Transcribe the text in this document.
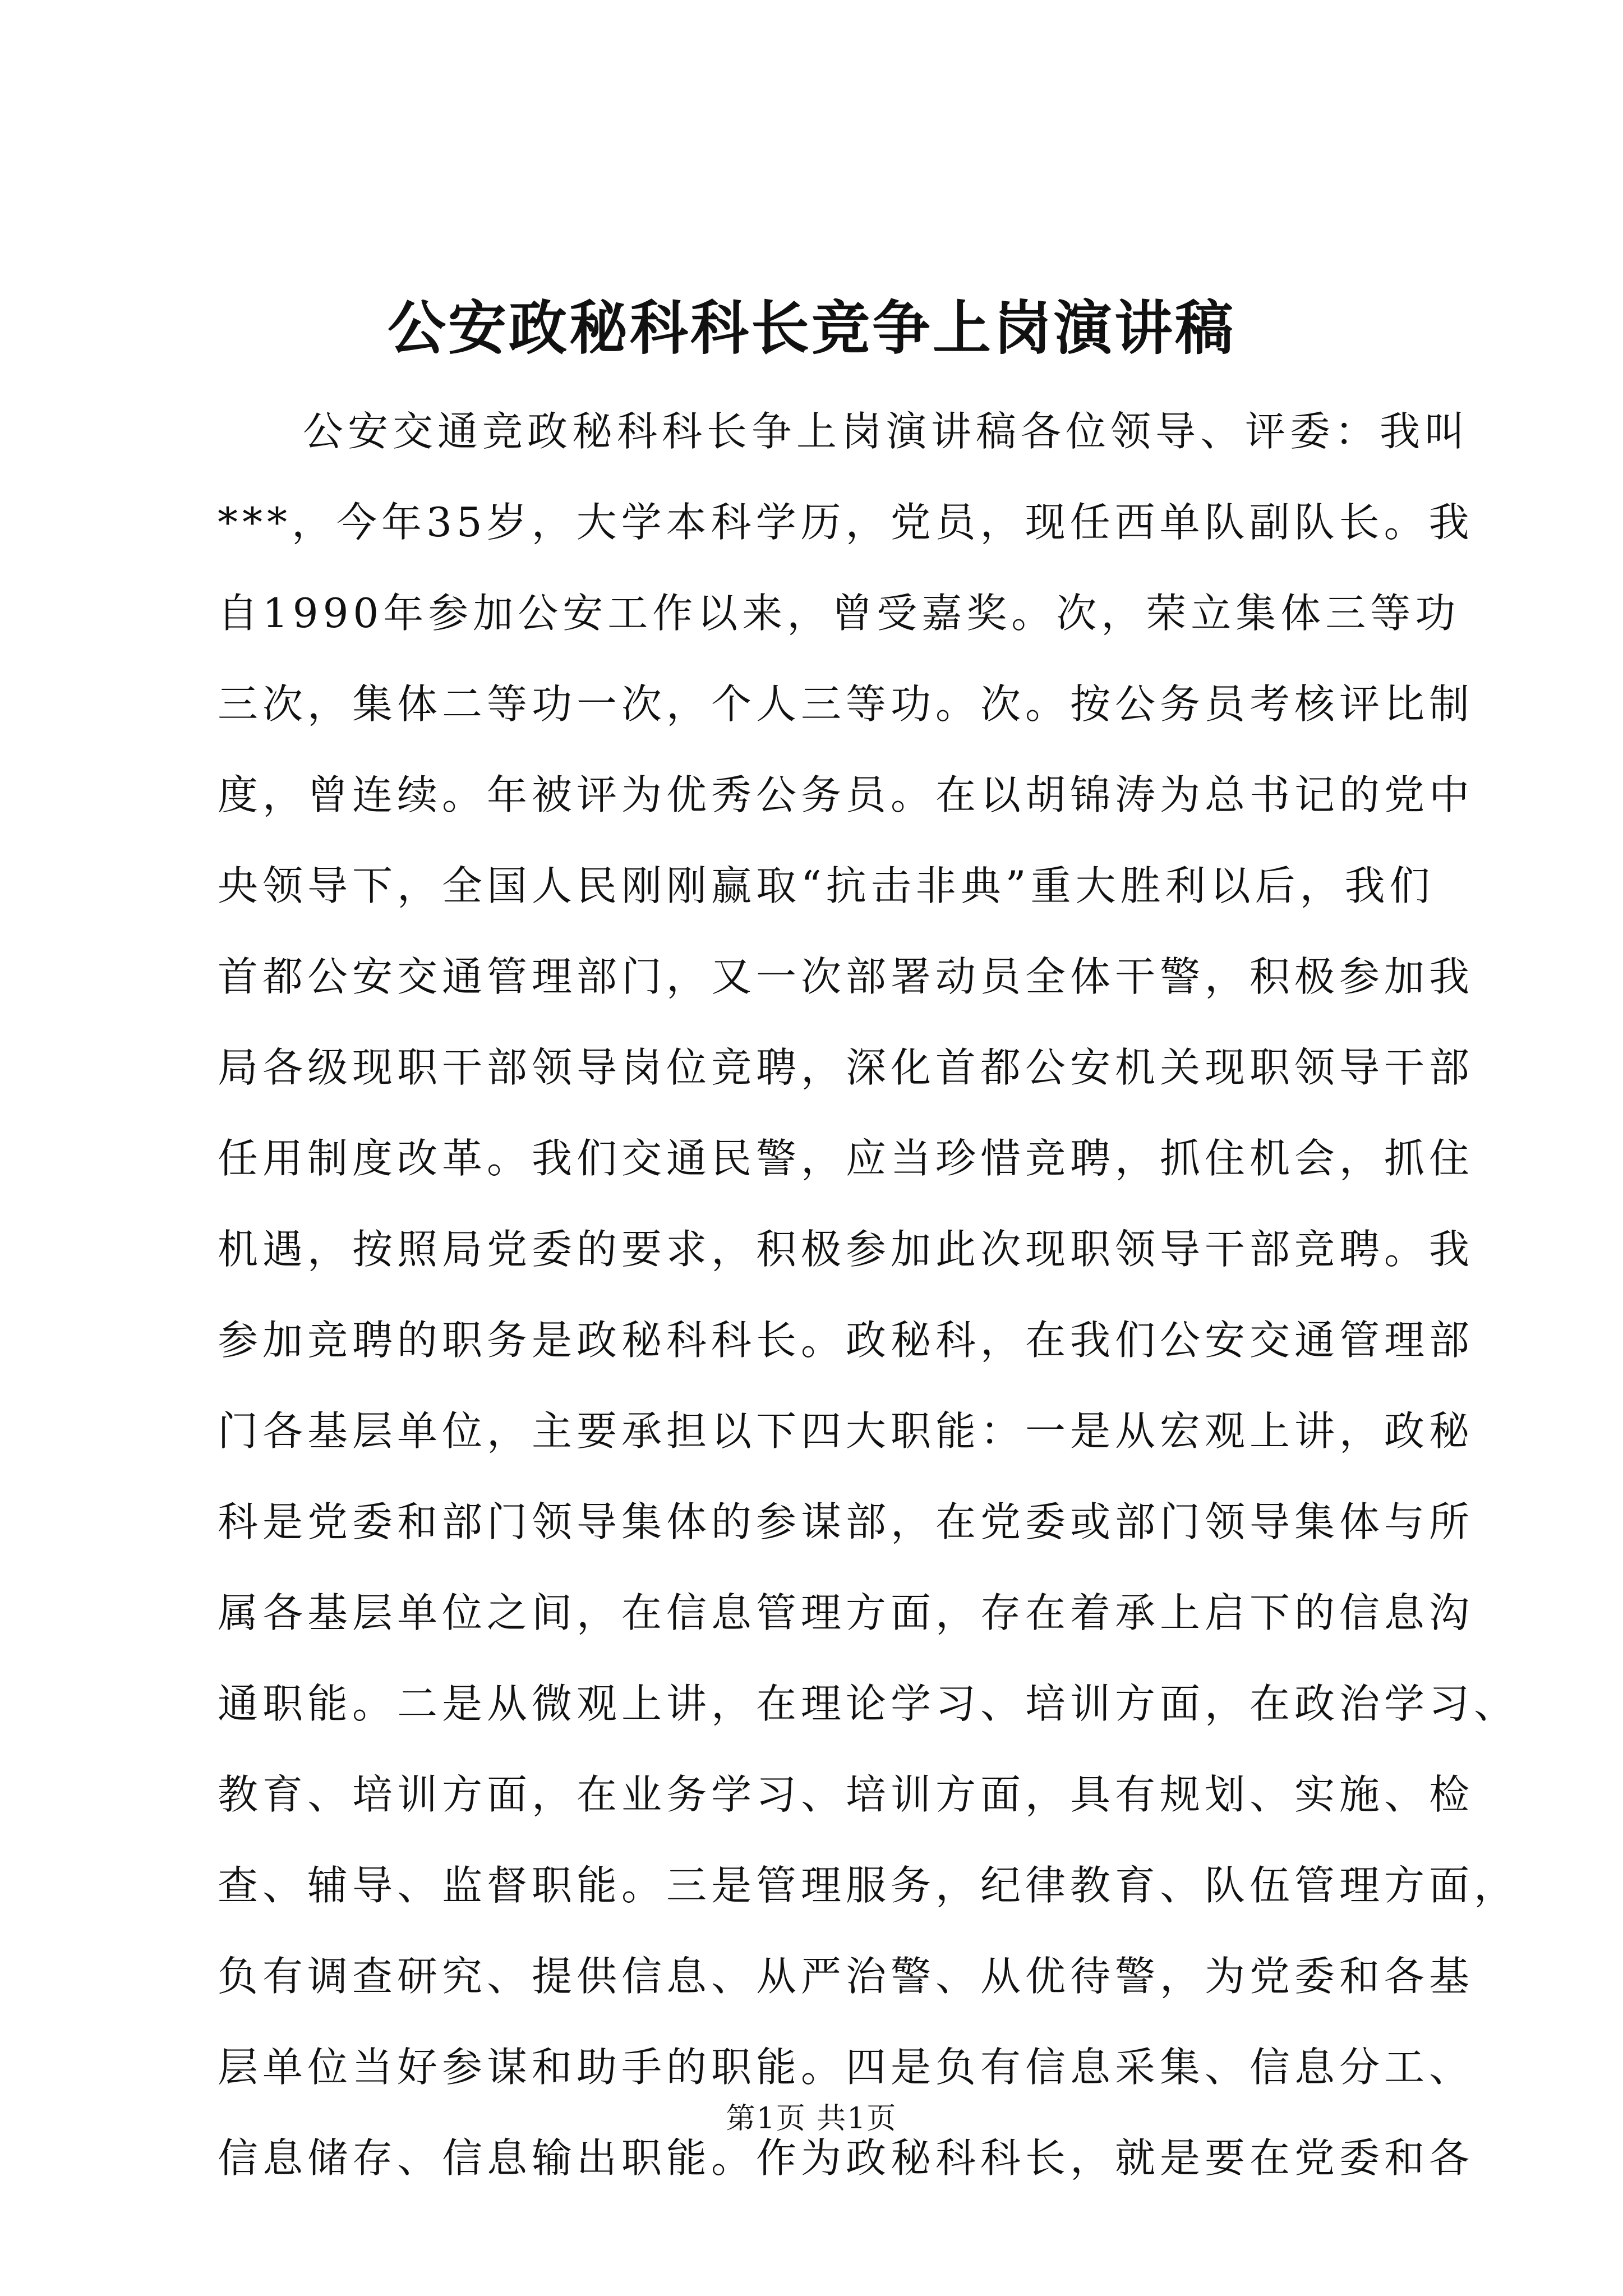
公安政秘科科长竞争上岗演讲稿
公安交通竞政秘科科长争上岗演讲稿各位领导、评委：我叫
***，今年35岁，大学本科学历，党员，现任西单队副队长。我
自1990年参加公安工作以来，曾受嘉奖。次，荣立集体三等功
三次，集体二等功一次，个人三等功。次。按公务员考核评比制
度，曾连续。年被评为优秀公务员。在以胡锦涛为总书记的党中
央领导下，全国人民刚刚赢取“抗击非典”重大胜利以后，我们
首都公安交通管理部门，又一次部署动员全体干警，积极参加我
局各级现职干部领导岗位竞聘，深化首都公安机关现职领导干部
任用制度改革。我们交通民警，应当珍惜竞聘，抓住机会，抓住
机遇，按照局党委的要求，积极参加此次现职领导干部竞聘。我
参加竞聘的职务是政秘科科长。政秘科，在我们公安交通管理部
门各基层单位，主要承担以下四大职能：一是从宏观上讲，政秘
科是党委和部门领导集体的参谋部，在党委或部门领导集体与所
属各基层单位之间，在信息管理方面，存在着承上启下的信息沟
通职能。二是从微观上讲，在理论学习、培训方面，在政治学习、
教育、培训方面，在业务学习、培训方面，具有规划、实施、检
查、辅导、监督职能。三是管理服务，纪律教育、队伍管理方面，
负有调查研究、提供信息、从严治警、从优待警，为党委和各基
层单位当好参谋和助手的职能。四是负有信息采集、信息分工、
信息储存、信息输出职能。作为政秘科科长，就是要在党委和各
第1页 共1页
